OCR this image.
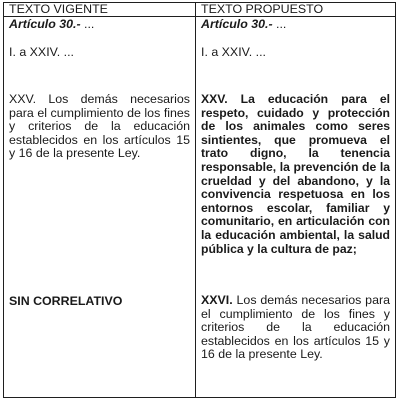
TEXTO VIGENTE	TEXTO PROPUESTO
Artículo 30.- ...
I. a XXIV. ...

XXV. Los demás necesarios para el cumplimiento de los fines y criterios de la educación establecidos en los artículos 15 y 16 de la presente Ley.

SIN CORRELATIVO
Artículo 30.- ...
I. a XXIV. ...

XXV. La educación para el respeto, cuidado y protección de los animales como seres sintientes, que promueva el trato digno, la tenencia responsable, la prevención de la crueldad y del abandono, y la convivencia respetuosa en los entornos escolar, familiar y comunitario, en articulación con la educación ambiental, la salud pública y la cultura de paz;

XXVI. Los demás necesarios para el cumplimiento de los fines y criterios de la educación establecidos en los artículos 15 y 16 de la presente Ley.
